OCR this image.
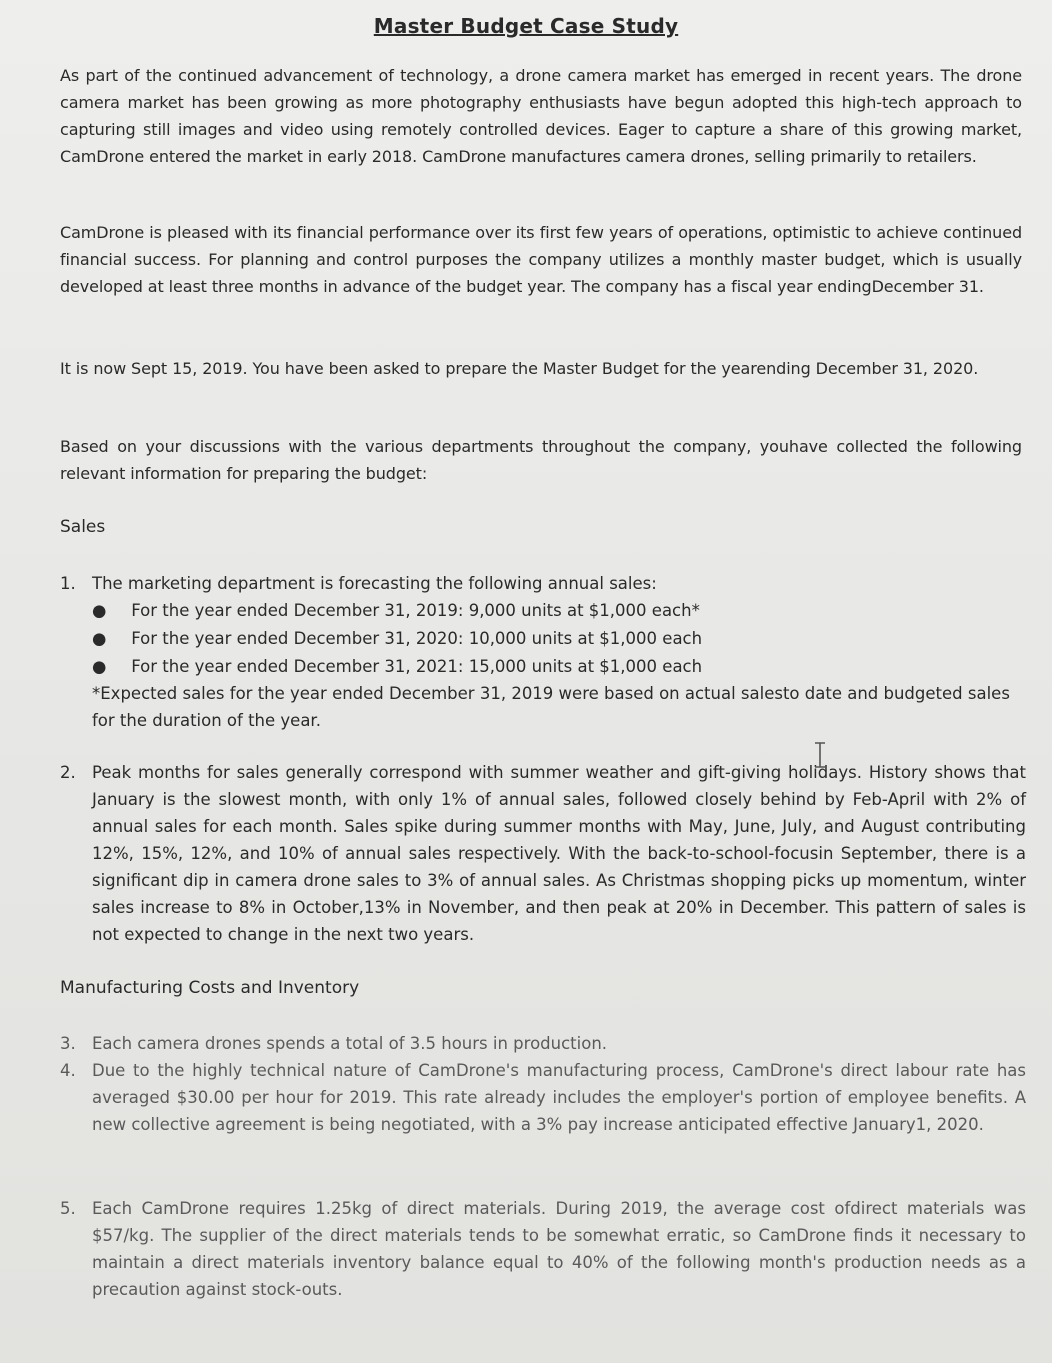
Master Budget Case Study
As part of the continued advancement of technology, a drone camera market has emerged in recent years. The drone camera market has been growing as more photography enthusiasts have begun adopted this high-tech approach to capturing still images and video using remotely controlled devices. Eager to capture a share of this growing market, CamDrone entered the market in early 2018. CamDrone manufactures camera drones, selling primarily to retailers.
CamDrone is pleased with its financial performance over its first few years of operations, optimistic to achieve continued financial success. For planning and control purposes the company utilizes a monthly master budget, which is usually developed at least three months in advance of the budget year. The company has a fiscal year endingDecember 31.
It is now Sept 15, 2019. You have been asked to prepare the Master Budget for the yearending December 31, 2020.
Based on your discussions with the various departments throughout the company, youhave collected the following relevant information for preparing the budget:
Sales
1. The marketing department is forecasting the following annual sales:
● For the year ended December 31, 2019: 9,000 units at $1,000 each*
● For the year ended December 31, 2020: 10,000 units at $1,000 each
● For the year ended December 31, 2021: 15,000 units at $1,000 each
*Expected sales for the year ended December 31, 2019 were based on actual salesto date and budgeted sales for the duration of the year.
2. Peak months for sales generally correspond with summer weather and gift-giving holidays. History shows that January is the slowest month, with only 1% of annual sales, followed closely behind by Feb-April with 2% of annual sales for each month. Sales spike during summer months with May, June, July, and August contributing 12%, 15%, 12%, and 10% of annual sales respectively. With the back-to-school-focusin September, there is a significant dip in camera drone sales to 3% of annual sales. As Christmas shopping picks up momentum, winter sales increase to 8% in October,13% in November, and then peak at 20% in December. This pattern of sales is not expected to change in the next two years.
Manufacturing Costs and Inventory
3. Each camera drones spends a total of 3.5 hours in production.
4. Due to the highly technical nature of CamDrone's manufacturing process, CamDrone's direct labour rate has averaged $30.00 per hour for 2019. This rate already includes the employer's portion of employee benefits. A new collective agreement is being negotiated, with a 3% pay increase anticipated effective January1, 2020.
5. Each CamDrone requires 1.25kg of direct materials. During 2019, the average cost ofdirect materials was $57/kg. The supplier of the direct materials tends to be somewhat erratic, so CamDrone finds it necessary to maintain a direct materials inventory balance equal to 40% of the following month's production needs as a precaution against stock-outs.
